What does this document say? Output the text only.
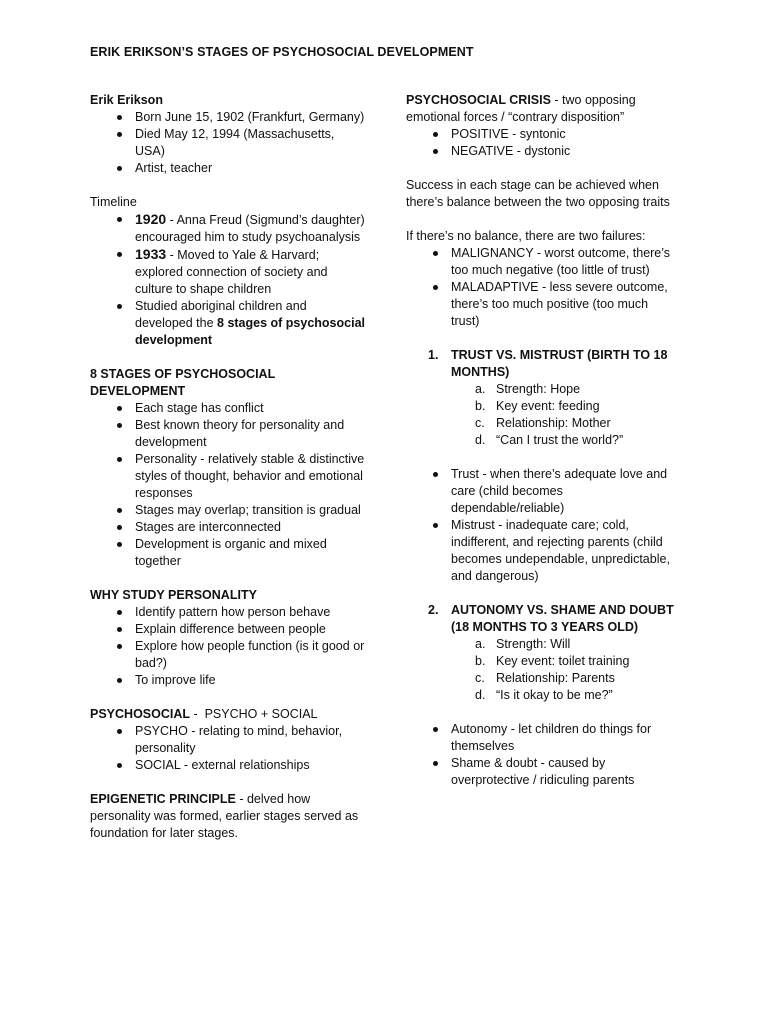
ERIK ERIKSON’S STAGES OF PSYCHOSOCIAL DEVELOPMENT

Erik Erikson

Born June 15, 1902 (Frankfurt, Germany)
Died May 12, 1994 (Massachusetts, USA)
Artist, teacher

Timeline

1920 - Anna Freud (Sigmund’s daughter) encouraged him to study psychoanalysis
1933 - Moved to Yale & Harvard; explored connection of society and culture to shape children
Studied aboriginal children and developed the 8 stages of psychosocial development

8 STAGES OF PSYCHOSOCIAL DEVELOPMENT

Each stage has conflict
Best known theory for personality and development
Personality - relatively stable & distinctive styles of thought, behavior and emotional responses
Stages may overlap; transition is gradual
Stages are interconnected
Development is organic and mixed together

WHY STUDY PERSONALITY

Identify pattern how person behave
Explain difference between people
Explore how people function (is it good or bad?)
To improve life

PSYCHOSOCIAL -  PSYCHO + SOCIAL

PSYCHO - relating to mind, behavior, personality
SOCIAL - external relationships

EPIGENETIC PRINCIPLE - delved how personality was formed, earlier stages served as foundation for later stages.

PSYCHOSOCIAL CRISIS - two opposing emotional forces / “contrary disposition”

POSITIVE - syntonic
NEGATIVE - dystonic

Success in each stage can be achieved when there’s balance between the two opposing traits

If there’s no balance, there are two failures:

MALIGNANCY - worst outcome, there’s too much negative (too little of trust)
MALADAPTIVE - less severe outcome, there’s too much positive (too much trust)
1. TRUST VS. MISTRUST (BIRTH TO 18 MONTHS)
a. Strength: Hope
b. Key event: feeding
c. Relationship: Mother
d. “Can I trust the world?”
Trust - when there’s adequate love and care (child becomes dependable/reliable)
Mistrust - inadequate care; cold, indifferent, and rejecting parents (child becomes undependable, unpredictable, and dangerous)
2. AUTONOMY VS. SHAME AND DOUBT (18 MONTHS TO 3 YEARS OLD)
a. Strength: Will
b. Key event: toilet training
c. Relationship: Parents
d. “Is it okay to be me?”
Autonomy - let children do things for themselves
Shame & doubt - caused by overprotective / ridiculing parents
